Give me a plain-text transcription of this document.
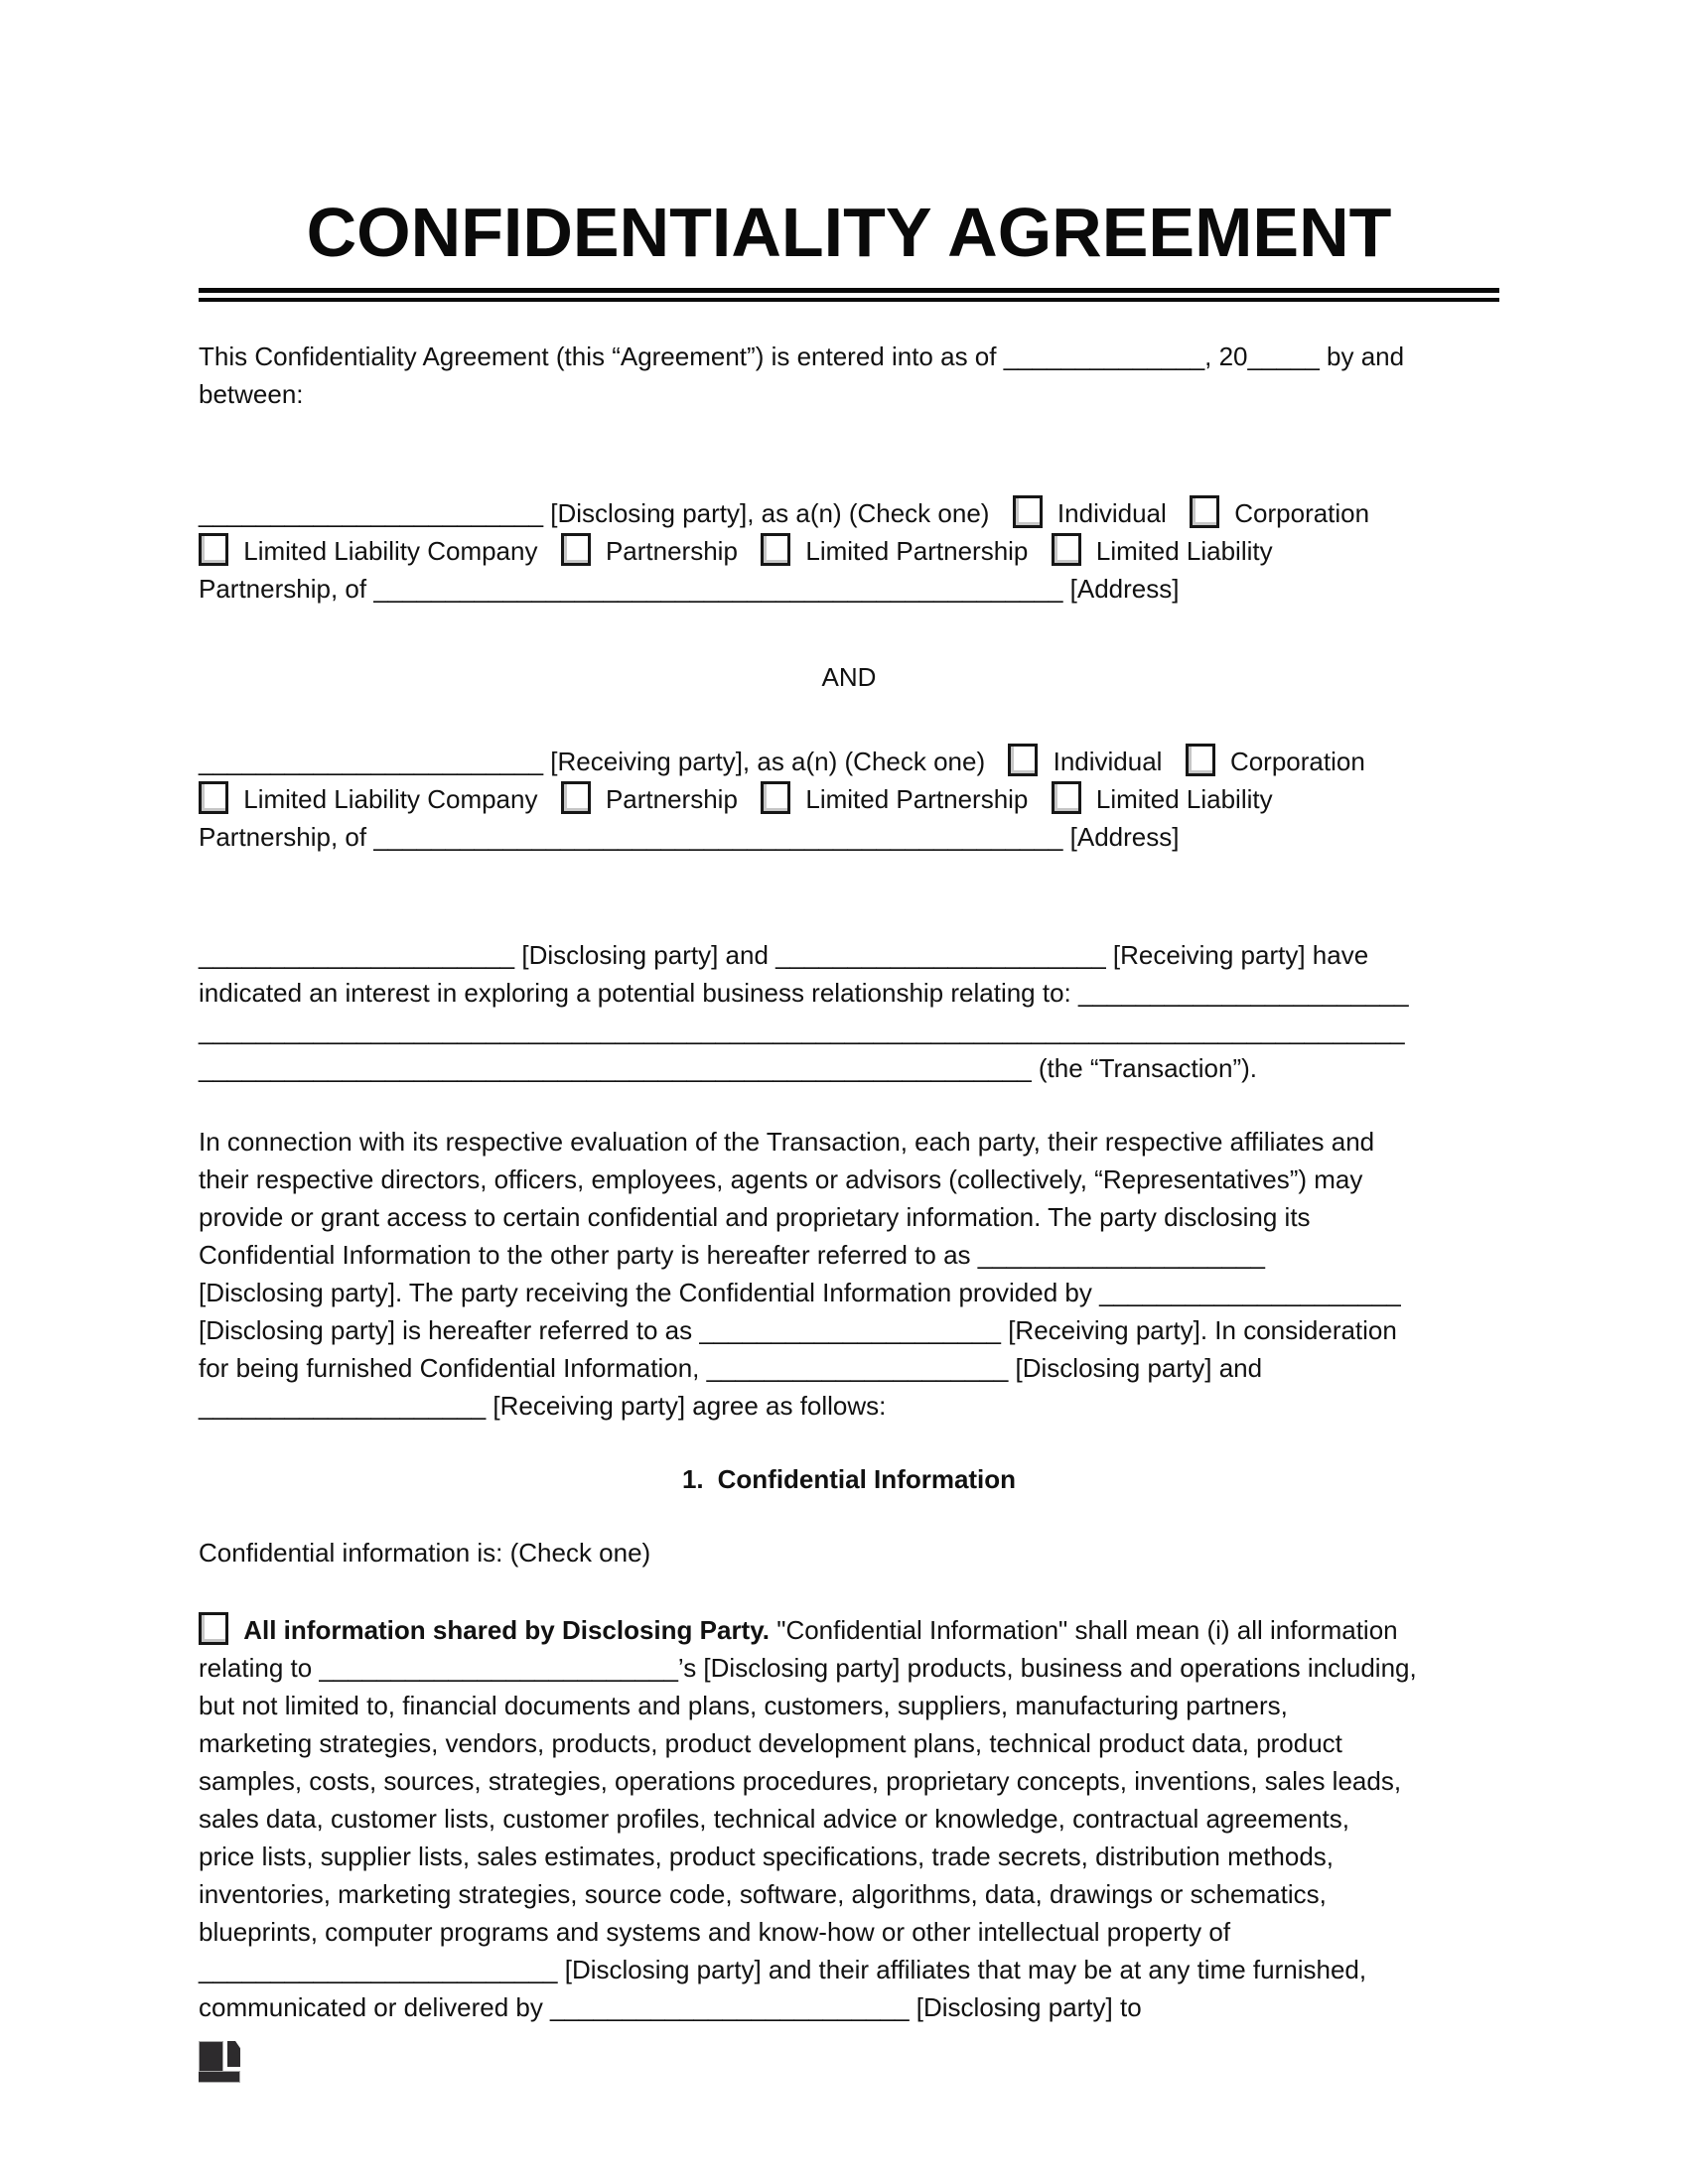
CONFIDENTIALITY AGREEMENT
This Confidentiality Agreement (this “Agreement”) is entered into as of ______________, 20_____ by and
between:
________________________ [Disclosing party], as a(n) (Check one)	Individual	Corporation
Limited Liability Company	Partnership	Limited Partnership	Limited Liability
Partnership, of ________________________________________________ [Address]
AND
________________________ [Receiving party], as a(n) (Check one)	Individual	Corporation
Limited Liability Company	Partnership	Limited Partnership	Limited Liability
Partnership, of ________________________________________________ [Address]
______________________ [Disclosing party] and _______________________ [Receiving party] have
indicated an interest in exploring a potential business relationship relating to: _______________________
____________________________________________________________________________________
__________________________________________________________ (the “Transaction”).
In connection with its respective evaluation of the Transaction, each party, their respective affiliates and
their respective directors, officers, employees, agents or advisors (collectively, “Representatives”) may
provide or grant access to certain confidential and proprietary information. The party disclosing its
Confidential Information to the other party is hereafter referred to as ____________________
[Disclosing party]. The party receiving the Confidential Information provided by _____________________
[Disclosing party] is hereafter referred to as _____________________ [Receiving party]. In consideration
for being furnished Confidential Information, _____________________ [Disclosing party] and
____________________ [Receiving party] agree as follows:
1. Confidential Information
Confidential information is: (Check one)
All information shared by Disclosing Party. "Confidential Information" shall mean (i) all information
relating to _________________________’s [Disclosing party] products, business and operations including,
but not limited to, financial documents and plans, customers, suppliers, manufacturing partners,
marketing strategies, vendors, products, product development plans, technical product data, product
samples, costs, sources, strategies, operations procedures, proprietary concepts, inventions, sales leads,
sales data, customer lists, customer profiles, technical advice or knowledge, contractual agreements,
price lists, supplier lists, sales estimates, product specifications, trade secrets, distribution methods,
inventories, marketing strategies, source code, software, algorithms, data, drawings or schematics,
blueprints, computer programs and systems and know-how or other intellectual property of
_________________________ [Disclosing party] and their affiliates that may be at any time furnished,
communicated or delivered by _________________________ [Disclosing party] to
